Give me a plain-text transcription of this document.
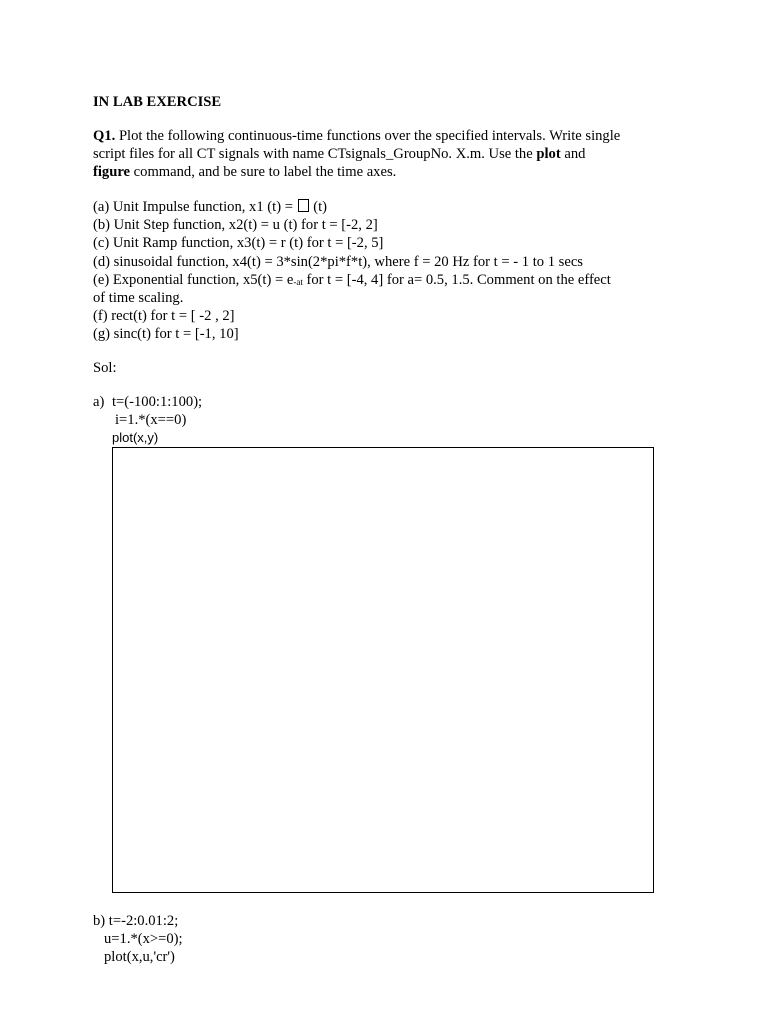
IN LAB EXERCISE
Q1. Plot the following continuous-time functions over the specified intervals. Write single
script files for all CT signals with name CTsignals_GroupNo. X.m. Use the plot and
figure command, and be sure to label the time axes.
(a) Unit Impulse function, x1 (t) =  (t)
(b) Unit Step function, x2(t) = u (t) for t = [-2, 2]
(c) Unit Ramp function, x3(t) = r (t) for t = [-2, 5]
(d) sinusoidal function, x4(t) = 3*sin(2*pi*f*t), where f = 20 Hz for t = - 1 to 1 secs
(e) Exponential function, x5(t) = e-at for t = [-4, 4] for a= 0.5, 1.5. Comment on the effect
of time scaling.
(f) rect(t) for t = [ -2 , 2]
(g) sinc(t) for t = [-1, 10]
Sol:
a) t=(-100:1:100);
i=1.*(x==0)
plot(x,y)
b) t=-2:0.01:2;
u=1.*(x>=0);
plot(x,u,'cr')
